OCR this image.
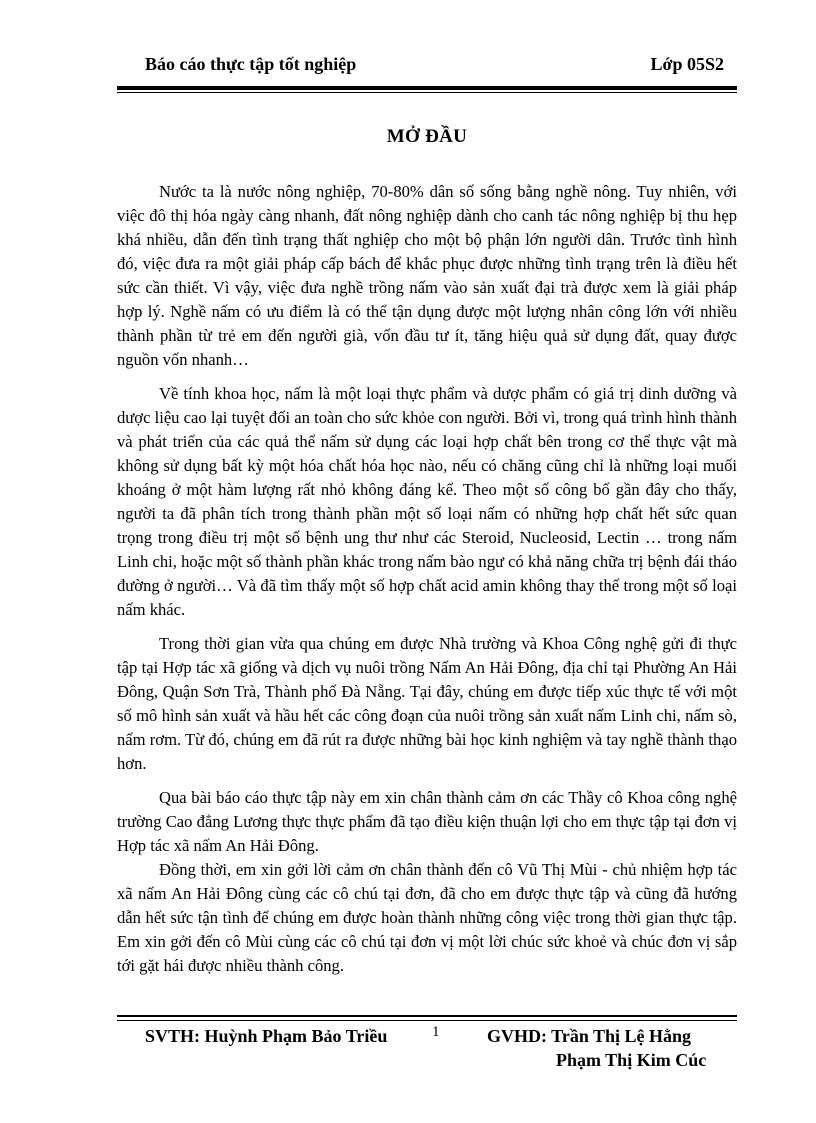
Báo cáo thực tập tốt nghiệp	Lớp 05S2
MỞ ĐẦU

Nước ta là nước nông nghiệp, 70-80% dân số sống bằng nghề nông. Tuy nhiên, với việc đô thị hóa ngày càng nhanh, đất nông nghiệp dành cho canh tác nông nghiệp bị thu hẹp khá nhiều, dẫn đến tình trạng thất nghiệp cho một bộ phận lớn người dân. Trước tình hình đó, việc đưa ra một giải pháp cấp bách để khắc phục được những tình trạng trên là điều hết sức cần thiết. Vì vậy, việc đưa nghề trồng nấm vào sản xuất đại trà được xem là giải pháp hợp lý. Nghề nấm có ưu điểm là có thể tận dụng được một lượng nhân công lớn với nhiều thành phần từ trẻ em đến người già, vốn đầu tư ít, tăng hiệu quả sử dụng đất, quay được nguồn vốn nhanh…

Về tính khoa học, nấm là một loại thực phẩm và dược phẩm có giá trị dinh dưỡng và dược liệu cao lại tuyệt đối an toàn cho sức khỏe con người. Bởi vì, trong quá trình hình thành và phát triển của các quả thể nấm sử dụng các loại hợp chất bên trong cơ thể thực vật mà không sử dụng bất kỳ một hóa chất hóa học nào, nếu có chăng cũng chỉ là những loại muối khoáng ở một hàm lượng rất nhỏ không đáng kể. Theo một số công bố gần đây cho thấy, người ta đã phân tích trong thành phần một số loại nấm có những hợp chất hết sức quan trọng trong điều trị một số bệnh ung thư như các Steroid, Nucleosid, Lectin … trong nấm Linh chi, hoặc một số thành phần khác trong nấm bào ngư có khả năng chữa trị bệnh đái tháo đường ở người… Và đã tìm thấy một số hợp chất acid amin không thay thế trong một số loại nấm khác.

Trong thời gian vừa qua chúng em được Nhà trường và Khoa Công nghệ gửi đi thực tập tại Hợp tác xã giống và dịch vụ nuôi trồng Nấm An Hải Đông, địa chỉ tại Phường An Hải Đông, Quận Sơn Trà, Thành phố Đà Nẵng. Tại đây, chúng em được tiếp xúc thực tế với một số mô hình sản xuất và hầu hết các công đoạn của nuôi trồng sản xuất nấm Linh chi, nấm sò, nấm rơm. Từ đó, chúng em đã rút ra được những bài học kinh nghiệm và tay nghề thành thạo hơn.

Qua bài báo cáo thực tập này em xin chân thành cảm ơn các Thầy cô Khoa công nghệ trường Cao đẳng Lương thực thực phẩm đã tạo điều kiện thuận lợi cho em thực tập tại đơn vị Hợp tác xã nấm An Hải Đông.

Đồng thời, em xin gởi lời cảm ơn chân thành đến cô Vũ Thị Mùi - chủ nhiệm hợp tác xã nấm An Hải Đông cùng các cô chú tại đơn, đã cho em được thực tập và cũng đã hướng dẫn hết sức tận tình để chúng em được hoàn thành những công việc trong thời gian thực tập. Em xin gởi đến cô Mùi cùng các cô chú tại đơn vị một lời chúc sức khoẻ và chúc đơn vị sắp tới gặt hái được nhiều thành công.

SVTH: Huỳnh Phạm Bảo Triều	1	GVHD: Trần Thị Lệ Hằng
Phạm Thị Kim Cúc
